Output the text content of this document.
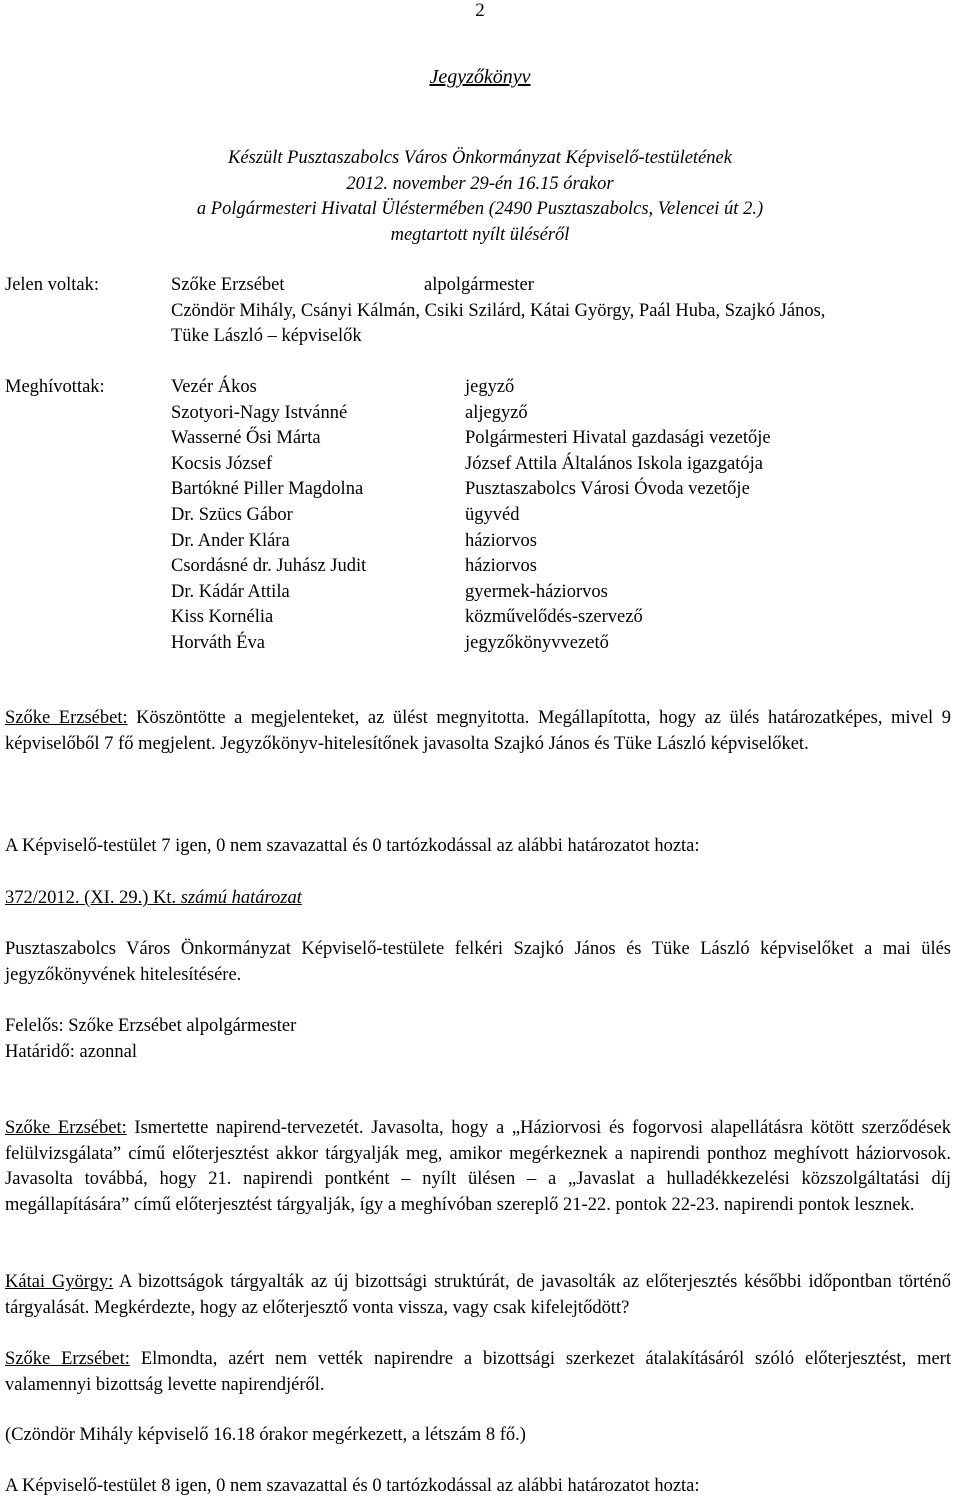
2
Jegyzőkönyv
Készült Pusztaszabolcs Város Önkormányzat Képviselő-testületének
2012. november 29-én 16.15 órakor
a Polgármesteri Hivatal Üléstermében (2490 Pusztaszabolcs, Velencei út 2.)
megtartott nyílt üléséről
Jelen voltak:	Szőke Erzsébet	alpolgármester
Czöndör Mihály, Csányi Kálmán, Csiki Szilárd, Kátai György, Paál Huba, Szajkó János,
Tüke László – képviselők
Meghívottak:	Vezér Ákos	jegyző
Szotyori-Nagy Istvánné	aljegyző
Wasserné Ősi Márta	Polgármesteri Hivatal gazdasági vezetője
Kocsis József	József Attila Általános Iskola igazgatója
Bartókné Piller Magdolna	Pusztaszabolcs Városi Óvoda vezetője
Dr. Szücs Gábor	ügyvéd
Dr. Ander Klára	háziorvos
Csordásné dr. Juhász Judit	háziorvos
Dr. Kádár Attila	gyermek-háziorvos
Kiss Kornélia	közművelődés-szervező
Horváth Éva	jegyzőkönyvvezető
Szőke Erzsébet: Köszöntötte a megjelenteket, az ülést megnyitotta. Megállapította, hogy az ülés határozatképes, mivel 9 képviselőből 7 fő megjelent. Jegyzőkönyv-hitelesítőnek javasolta Szajkó János és Tüke László képviselőket.
A Képviselő-testület 7 igen, 0 nem szavazattal és 0 tartózkodással az alábbi határozatot hozta:
372/2012. (XI. 29.) Kt. számú határozat
Pusztaszabolcs Város Önkormányzat Képviselő-testülete felkéri Szajkó János és Tüke László képviselőket a mai ülés jegyzőkönyvének hitelesítésére.
Felelős: Szőke Erzsébet alpolgármester
Határidő: azonnal
Szőke Erzsébet: Ismertette napirend-tervezetét. Javasolta, hogy a „Háziorvosi és fogorvosi alapellátásra kötött szerződések felülvizsgálata” című előterjesztést akkor tárgyalják meg, amikor megérkeznek a napirendi ponthoz meghívott háziorvosok. Javasolta továbbá, hogy 21. napirendi pontként – nyílt ülésen – a „Javaslat a hulladékkezelési közszolgáltatási díj megállapítására” című előterjesztést tárgyalják, így a meghívóban szereplő 21-22. pontok 22-23. napirendi pontok lesznek.
Kátai György: A bizottságok tárgyalták az új bizottsági struktúrát, de javasolták az előterjesztés későbbi időpontban történő tárgyalását. Megkérdezte, hogy az előterjesztő vonta vissza, vagy csak kifelejtődött?
Szőke Erzsébet: Elmondta, azért nem vették napirendre a bizottsági szerkezet átalakításáról szóló előterjesztést, mert valamennyi bizottság levette napirendjéről.
(Czöndör Mihály képviselő 16.18 órakor megérkezett, a létszám 8 fő.)
A Képviselő-testület 8 igen, 0 nem szavazattal és 0 tartózkodással az alábbi határozatot hozta:
